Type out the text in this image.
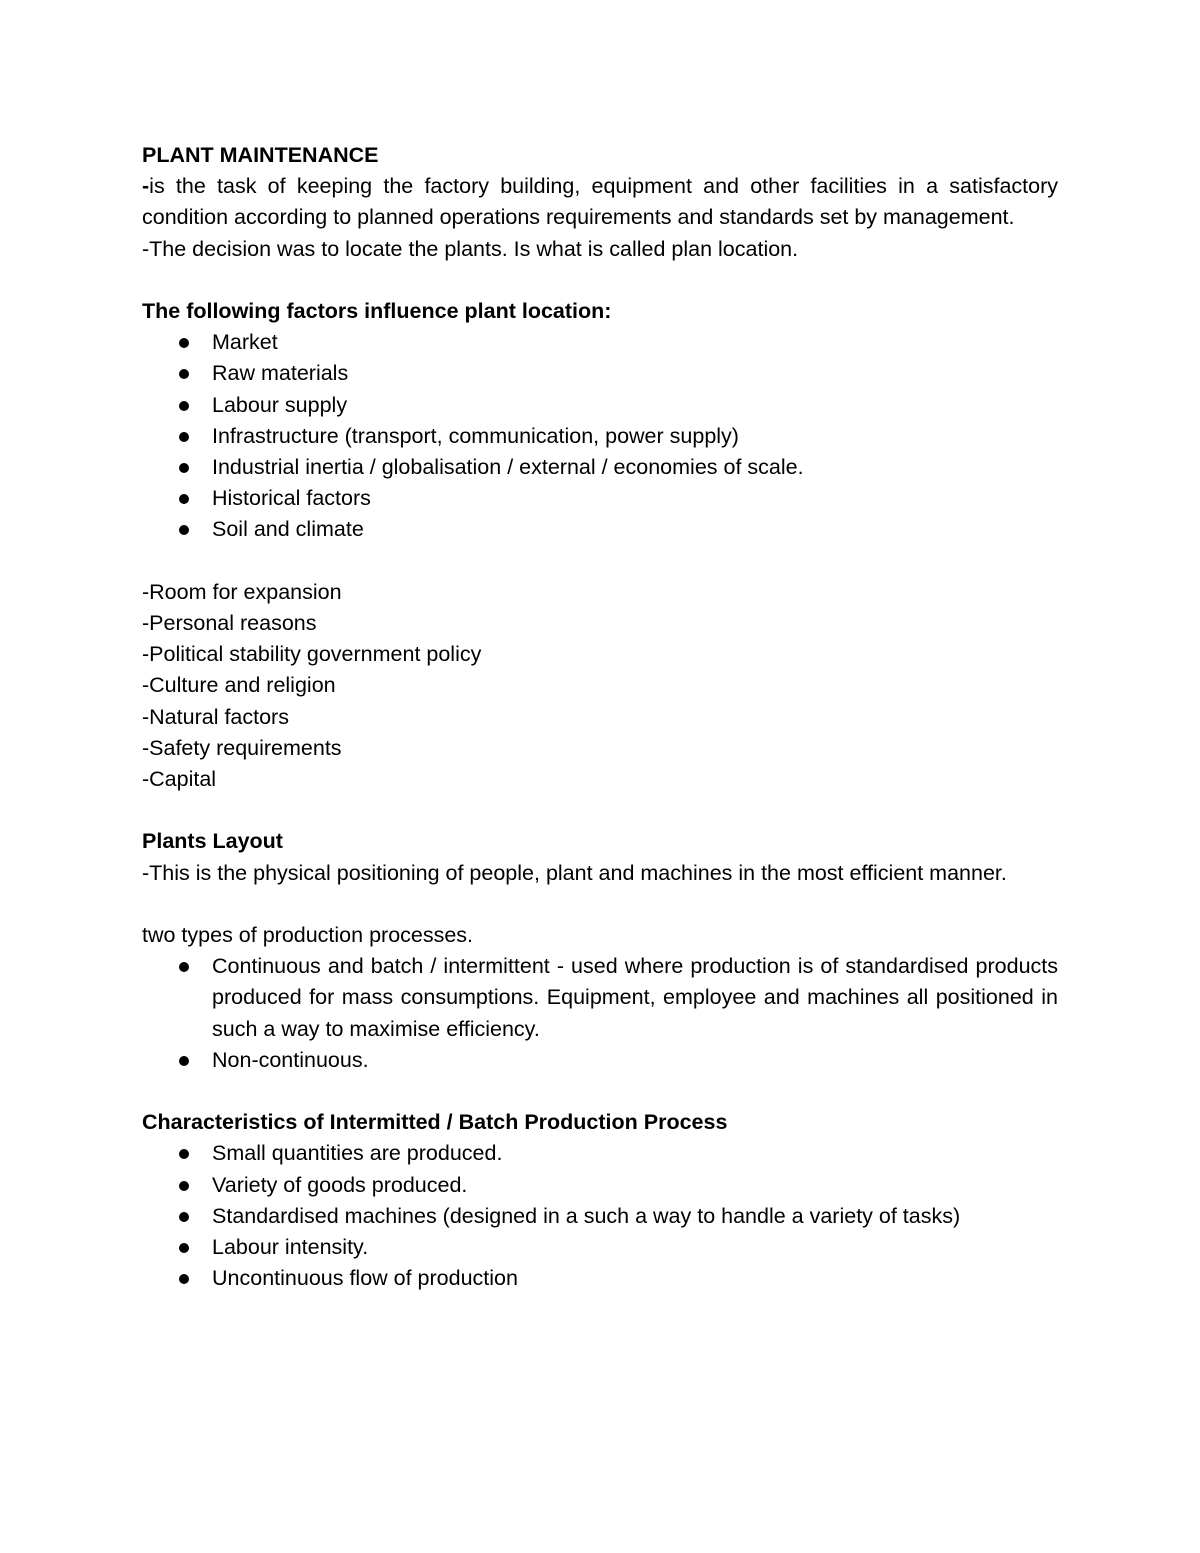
PLANT MAINTENANCE
-is the task of keeping the factory building, equipment and other facilities in a satisfactory condition according to planned operations requirements and standards set by management.
-The decision was to locate the plants. Is what is called plan location.
The following factors influence plant location:
Market
Raw materials
Labour supply
Infrastructure (transport, communication, power supply)
Industrial inertia / globalisation / external / economies of scale.
Historical factors
Soil and climate
-Room for expansion
-Personal reasons
-Political stability government policy
-Culture and religion
-Natural factors
-Safety requirements
-Capital
Plants Layout
-This is the physical positioning of people, plant and machines in the most efficient manner.
two types of production processes.
Continuous and batch / intermittent - used where production is of standardised products produced for mass consumptions. Equipment, employee and machines all positioned in such a way to maximise efficiency.
Non-continuous.
Characteristics of Intermitted / Batch Production Process
Small quantities are produced.
Variety of goods produced.
Standardised machines (designed in a such a way to handle a variety of tasks)
Labour intensity.
Uncontinuous flow of production
